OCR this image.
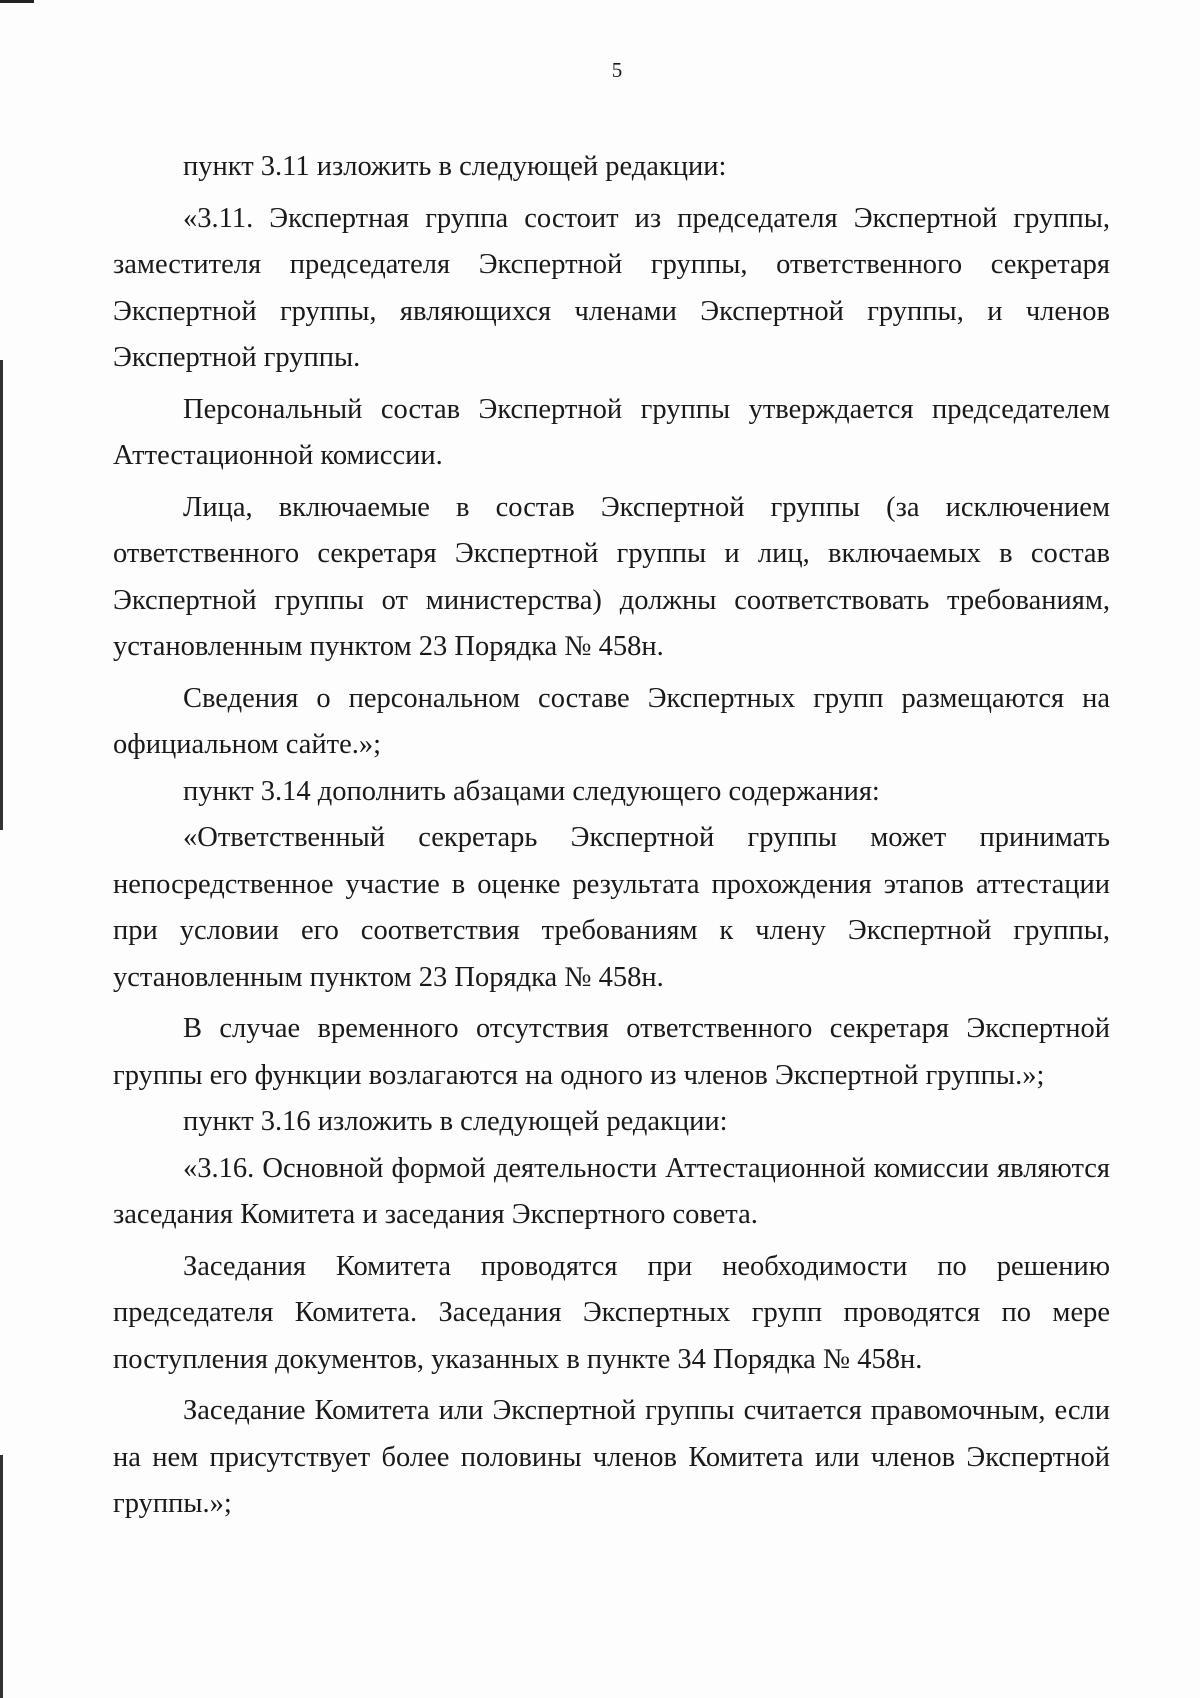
5

пункт 3.11 изложить в следующей редакции:

«3.11. Экспертная группа состоит из председателя Экспертной группы, заместителя председателя Экспертной группы, ответственного секретаря Экспертной группы, являющихся членами Экспертной группы, и членов Экспертной группы.

Персональный состав Экспертной группы утверждается председателем Аттестационной комиссии.

Лица, включаемые в состав Экспертной группы (за исключением ответственного секретаря Экспертной группы и лиц, включаемых в состав Экспертной группы от министерства) должны соответствовать требованиям, установленным пунктом 23 Порядка № 458н.

Сведения о персональном составе Экспертных групп размещаются на официальном сайте.»;

пункт 3.14 дополнить абзацами следующего содержания:

«Ответственный секретарь Экспертной группы может принимать непосредственное участие в оценке результата прохождения этапов аттестации при условии его соответствия требованиям к члену Экспертной группы, установленным пунктом 23 Порядка № 458н.

В случае временного отсутствия ответственного секретаря Экспертной группы его функции возлагаются на одного из членов Экспертной группы.»;

пункт 3.16 изложить в следующей редакции:

«3.16. Основной формой деятельности Аттестационной комиссии являются заседания Комитета и заседания Экспертного совета.

Заседания Комитета проводятся при необходимости по решению председателя Комитета. Заседания Экспертных групп проводятся по мере поступления документов, указанных в пункте 34 Порядка № 458н.

Заседание Комитета или Экспертной группы считается правомочным, если на нем присутствует более половины членов Комитета или членов Экспертной группы.»;
